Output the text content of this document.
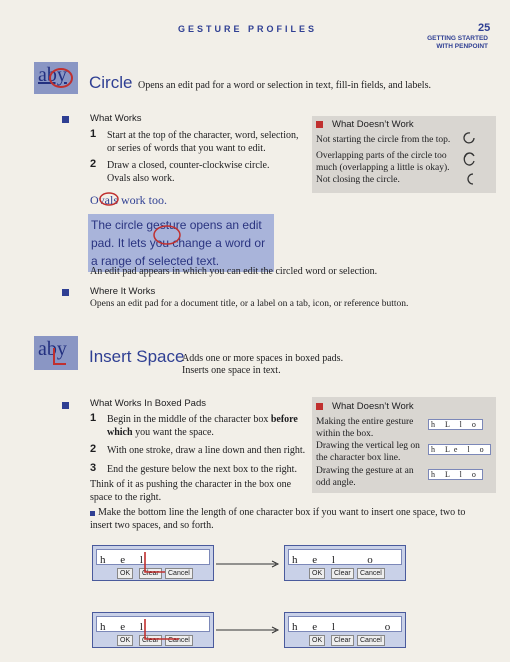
GESTURE PROFILES	25
GETTING STARTED
WITH PENPOINT
aby Circle Opens an edit pad for a word or selection in text, fill-in fields, and labels.
What Works
1 Start at the top of the character, word, selection, or series of words that you want to edit.
2 Draw a closed, counter-clockwise circle. Ovals also work.
Ovals work too.
What Doesn’t Work
Not starting the circle from the top.
Overlapping parts of the circle too much (overlapping a little is okay).
Not closing the circle.
The circle gesture opens an edit pad. It lets you change a word or a range of selected text.
An edit pad appears in which you can edit the circled word or selection.
Where It Works
Opens an edit pad for a document title, or a label on a tab, icon, or reference button.
aby Insert Space
Adds one or more spaces in boxed pads.
Inserts one space in text.
What Works In Boxed Pads
1 Begin in the middle of the character box before which you want the space.
2 With one stroke, draw a line down and then right.
3 End the gesture below the next box to the right.
Think of it as pushing the character in the box one space to the right.
What Doesn’t Work
Making the entire gesture within the box.
Drawing the vertical leg on the character box line.
Drawing the gesture at an odd angle.
h L l o
h Le l o
h L l o
Make the bottom line the length of one character box if you want to insert one space, two to insert two spaces, and so forth.
h e l
OK	Clear	Cancel
h e l   o
OK	Clear	Cancel
h e l
OK	Clear	Cancel
h e l     o
OK	Clear	Cancel
